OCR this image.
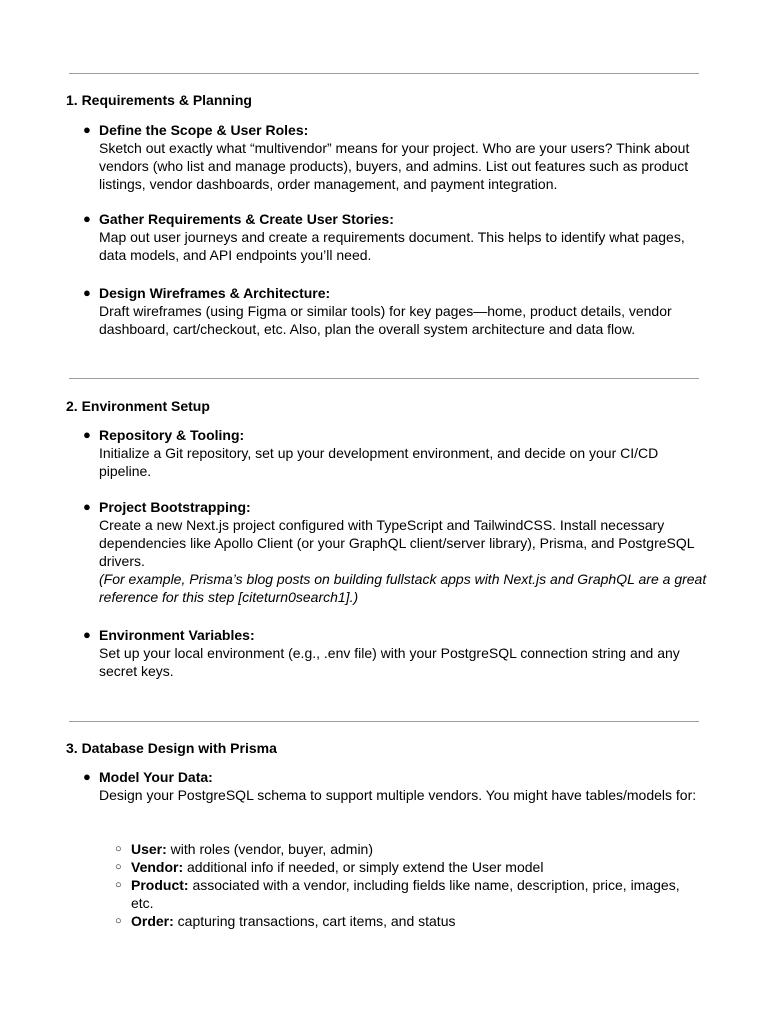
1. Requirements & Planning
● Define the Scope & User Roles:
Sketch out exactly what “multivendor” means for your project. Who are your users? Think about vendors (who list and manage products), buyers, and admins. List out features such as product listings, vendor dashboards, order management, and payment integration.
● Gather Requirements & Create User Stories:
Map out user journeys and create a requirements document. This helps to identify what pages, data models, and API endpoints you’ll need.
● Design Wireframes & Architecture:
Draft wireframes (using Figma or similar tools) for key pages—home, product details, vendor dashboard, cart/checkout, etc. Also, plan the overall system architecture and data flow.
2. Environment Setup
● Repository & Tooling:
Initialize a Git repository, set up your development environment, and decide on your CI/CD pipeline.
● Project Bootstrapping:
Create a new Next.js project configured with TypeScript and TailwindCSS. Install necessary dependencies like Apollo Client (or your GraphQL client/server library), Prisma, and PostgreSQL drivers.
(For example, Prisma’s blog posts on building fullstack apps with Next.js and GraphQL are a great reference for this step [citeturn0search1].)
● Environment Variables:
Set up your local environment (e.g., .env file) with your PostgreSQL connection string and any secret keys.
3. Database Design with Prisma
● Model Your Data:
Design your PostgreSQL schema to support multiple vendors. You might have tables/models for:
○ User: with roles (vendor, buyer, admin)
○ Vendor: additional info if needed, or simply extend the User model
○ Product: associated with a vendor, including fields like name, description, price, images, etc.
○ Order: capturing transactions, cart items, and status
